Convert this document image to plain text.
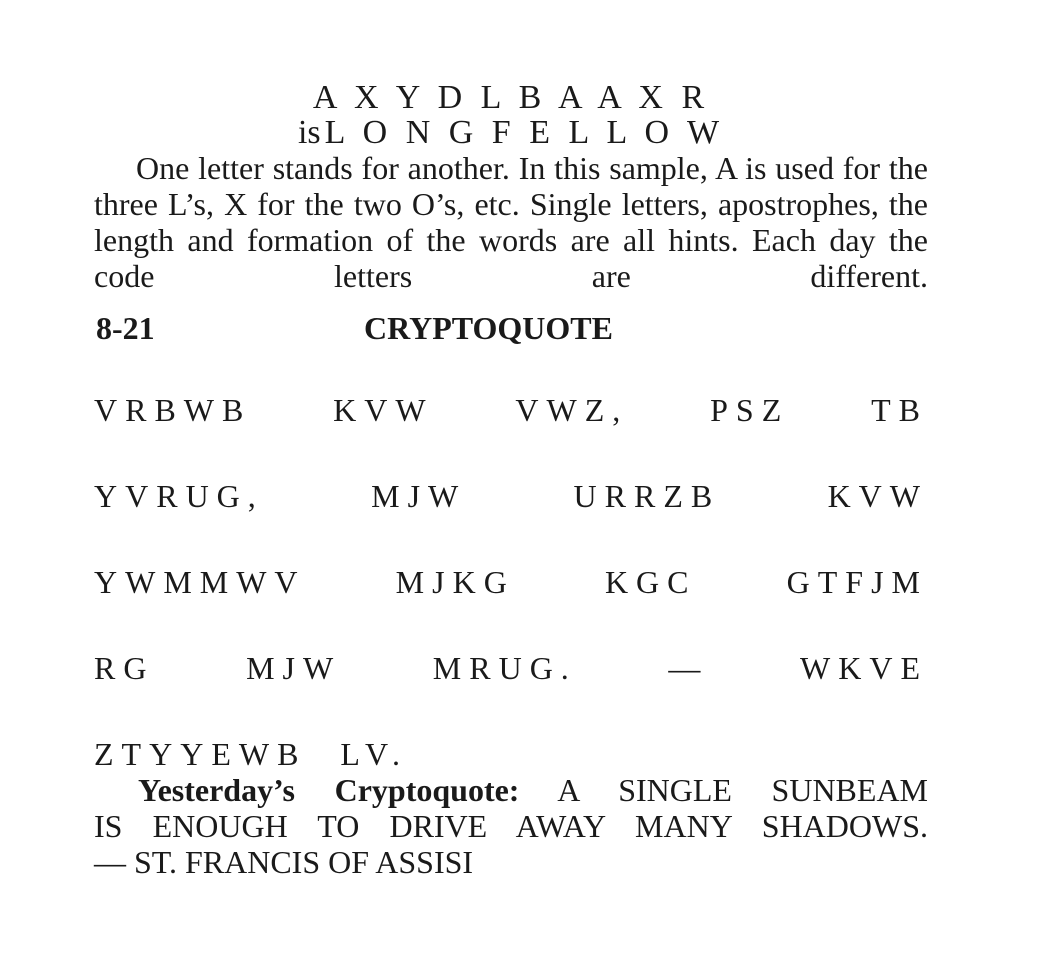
A X Y D L B A A X R

is L O N G F E L L O W

One letter stands for another. In this sample, A is used for the three L’s, X for the two O’s, etc. Single letters, apostrophes, the length and formation of the words are all hints. Each day the code letters are different.

8-21	CRYPTOQUOTE
VRBWB	KVW	VWZ,	PSZ	TB
YVRUG,	MJW	URRZB	KVW
YWMMWV	MJKG	KGC	GTFJM
RG	MJW	MRUG.	—	WKVE
ZTYYEWB LV.
Yesterday’s Cryptoquote: A SINGLE SUNBEAM
IS ENOUGH TO DRIVE AWAY MANY SHADOWS.
— ST. FRANCIS OF ASSISI
